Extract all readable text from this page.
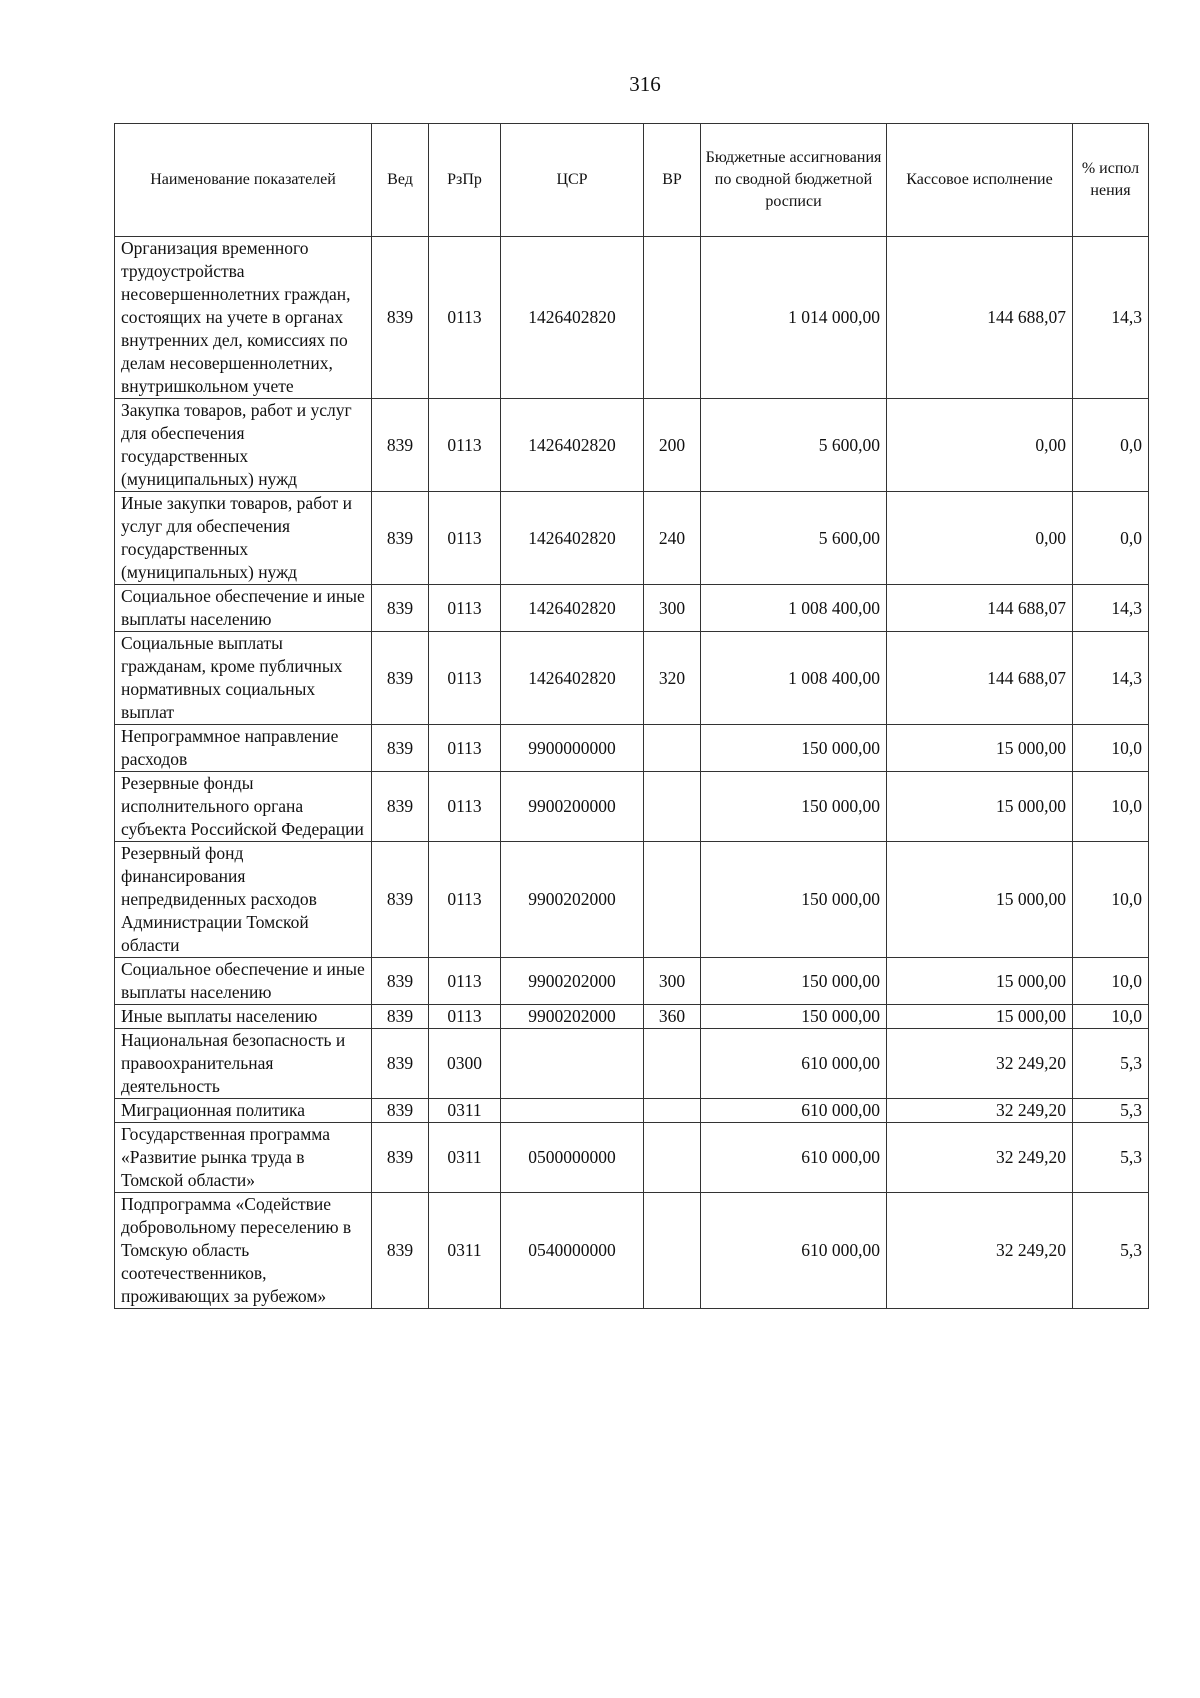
316
Наименование показателей	Вед	РзПр	ЦСР	ВР	Бюджетные ассигнования по сводной бюджетной росписи	Кассовое исполнение	% испол нения
Организация временного трудоустройства несовершеннолетних граждан, состоящих на учете в органах внутренних дел, комиссиях по делам несовершеннолетних, внутришкольном учете	839	0113	1426402820		1 014 000,00	144 688,07	14,3
Закупка товаров, работ и услуг для обеспечения государственных (муниципальных) нужд	839	0113	1426402820	200	5 600,00	0,00	0,0
Иные закупки товаров, работ и услуг для обеспечения государственных (муниципальных) нужд	839	0113	1426402820	240	5 600,00	0,00	0,0
Социальное обеспечение и иные выплаты населению	839	0113	1426402820	300	1 008 400,00	144 688,07	14,3
Социальные выплаты гражданам, кроме публичных нормативных социальных выплат	839	0113	1426402820	320	1 008 400,00	144 688,07	14,3
Непрограммное направление расходов	839	0113	9900000000		150 000,00	15 000,00	10,0
Резервные фонды исполнительного органа субъекта Российской Федерации	839	0113	9900200000		150 000,00	15 000,00	10,0
Резервный фонд финансирования непредвиденных расходов Администрации Томской области	839	0113	9900202000		150 000,00	15 000,00	10,0
Социальное обеспечение и иные выплаты населению	839	0113	9900202000	300	150 000,00	15 000,00	10,0
Иные выплаты населению	839	0113	9900202000	360	150 000,00	15 000,00	10,0
Национальная безопасность и правоохранительная деятельность	839	0300			610 000,00	32 249,20	5,3
Миграционная политика	839	0311			610 000,00	32 249,20	5,3
Государственная программа «Развитие рынка труда в Томской области»	839	0311	0500000000		610 000,00	32 249,20	5,3
Подпрограмма «Содействие добровольному переселению в Томскую область соотечественников, проживающих за рубежом»	839	0311	0540000000		610 000,00	32 249,20	5,3
